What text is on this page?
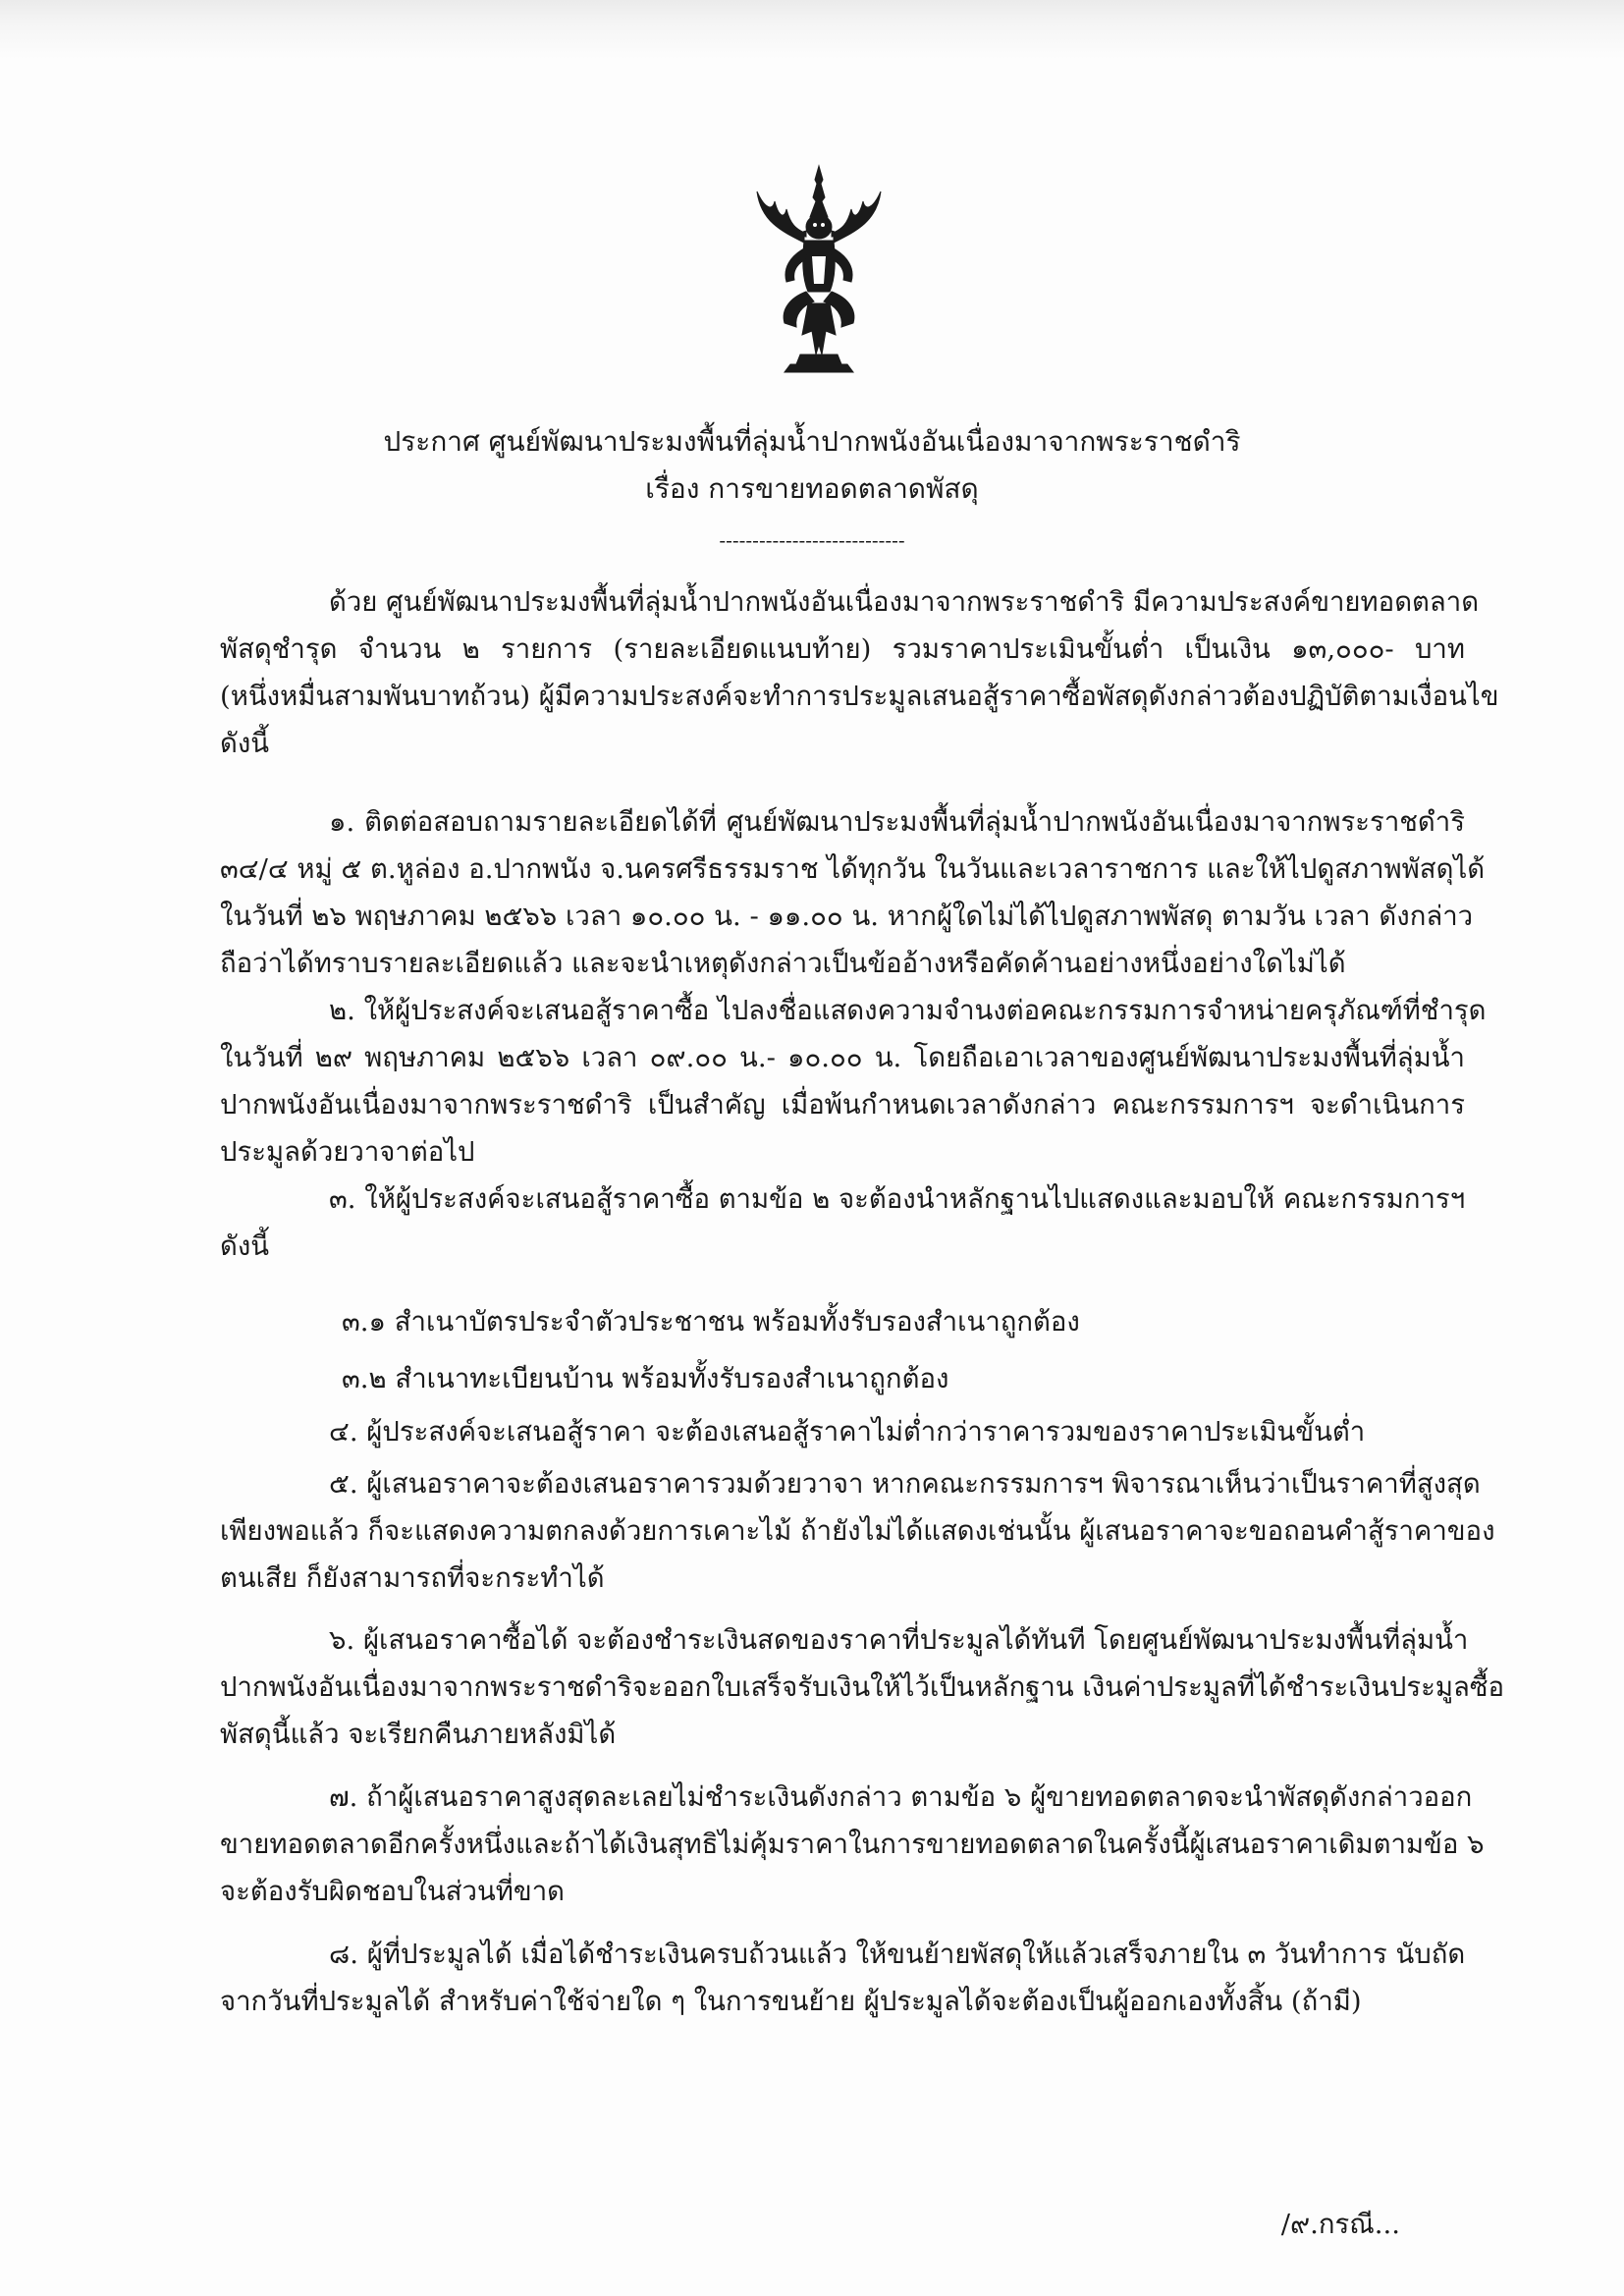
ประกาศ ศูนย์พัฒนาประมงพื้นที่ลุ่มน้ำปากพนังอันเนื่องมาจากพระราชดำริ
เรื่อง การขายทอดตลาดพัสดุ
----------------------------
ด้วย ศูนย์พัฒนาประมงพื้นที่ลุ่มน้ำปากพนังอันเนื่องมาจากพระราชดำริ มีความประสงค์ขายทอดตลาด
พัสดุชำรุด จำนวน ๒ รายการ (รายละเอียดแนบท้าย) รวมราคาประเมินขั้นต่ำ เป็นเงิน ๑๓,๐๐๐- บาท
(หนึ่งหมื่นสามพันบาทถ้วน) ผู้มีความประสงค์จะทำการประมูลเสนอสู้ราคาซื้อพัสดุดังกล่าวต้องปฏิบัติตามเงื่อนไข
ดังนี้
๑. ติดต่อสอบถามรายละเอียดได้ที่ ศูนย์พัฒนาประมงพื้นที่ลุ่มน้ำปากพนังอันเนื่องมาจากพระราชดำริ
๓๔/๔ หมู่ ๕ ต.หูล่อง อ.ปากพนัง จ.นครศรีธรรมราช ได้ทุกวัน ในวันและเวลาราชการ และให้ไปดูสภาพพัสดุได้
ในวันที่ ๒๖ พฤษภาคม ๒๕๖๖ เวลา ๑๐.๐๐ น. - ๑๑.๐๐ น. หากผู้ใดไม่ได้ไปดูสภาพพัสดุ ตามวัน เวลา ดังกล่าว
ถือว่าได้ทราบรายละเอียดแล้ว และจะนำเหตุดังกล่าวเป็นข้ออ้างหรือคัดค้านอย่างหนึ่งอย่างใดไม่ได้
๒. ให้ผู้ประสงค์จะเสนอสู้ราคาซื้อ ไปลงชื่อแสดงความจำนงต่อคณะกรรมการจำหน่ายครุภัณฑ์ที่ชำรุด
ในวันที่ ๒๙ พฤษภาคม ๒๕๖๖ เวลา ๐๙.๐๐ น.- ๑๐.๐๐ น. โดยถือเอาเวลาของศูนย์พัฒนาประมงพื้นที่ลุ่มน้ำ
ปากพนังอันเนื่องมาจากพระราชดำริ เป็นสำคัญ เมื่อพ้นกำหนดเวลาดังกล่าว คณะกรรมการฯ จะดำเนินการ
ประมูลด้วยวาจาต่อไป
๓. ให้ผู้ประสงค์จะเสนอสู้ราคาซื้อ ตามข้อ ๒ จะต้องนำหลักฐานไปแสดงและมอบให้ คณะกรรมการฯ
ดังนี้
๓.๑ สำเนาบัตรประจำตัวประชาชน พร้อมทั้งรับรองสำเนาถูกต้อง
๓.๒ สำเนาทะเบียนบ้าน พร้อมทั้งรับรองสำเนาถูกต้อง
๔. ผู้ประสงค์จะเสนอสู้ราคา จะต้องเสนอสู้ราคาไม่ต่ำกว่าราคารวมของราคาประเมินขั้นต่ำ
๕. ผู้เสนอราคาจะต้องเสนอราคารวมด้วยวาจา หากคณะกรรมการฯ พิจารณาเห็นว่าเป็นราคาที่สูงสุด
เพียงพอแล้ว ก็จะแสดงความตกลงด้วยการเคาะไม้ ถ้ายังไม่ได้แสดงเช่นนั้น ผู้เสนอราคาจะขอถอนคำสู้ราคาของ
ตนเสีย ก็ยังสามารถที่จะกระทำได้
๖. ผู้เสนอราคาซื้อได้ จะต้องชำระเงินสดของราคาที่ประมูลได้ทันที โดยศูนย์พัฒนาประมงพื้นที่ลุ่มน้ำ
ปากพนังอันเนื่องมาจากพระราชดำริจะออกใบเสร็จรับเงินให้ไว้เป็นหลักฐาน เงินค่าประมูลที่ได้ชำระเงินประมูลซื้อ
พัสดุนี้แล้ว จะเรียกคืนภายหลังมิได้
๗. ถ้าผู้เสนอราคาสูงสุดละเลยไม่ชำระเงินดังกล่าว ตามข้อ ๖ ผู้ขายทอดตลาดจะนำพัสดุดังกล่าวออก
ขายทอดตลาดอีกครั้งหนึ่งและถ้าได้เงินสุทธิไม่คุ้มราคาในการขายทอดตลาดในครั้งนี้ผู้เสนอราคาเดิมตามข้อ ๖
จะต้องรับผิดชอบในส่วนที่ขาด
๘. ผู้ที่ประมูลได้ เมื่อได้ชำระเงินครบถ้วนแล้ว ให้ขนย้ายพัสดุให้แล้วเสร็จภายใน ๓ วันทำการ นับถัด
จากวันที่ประมูลได้ สำหรับค่าใช้จ่ายใด ๆ ในการขนย้าย ผู้ประมูลได้จะต้องเป็นผู้ออกเองทั้งสิ้น (ถ้ามี)
/๙.กรณี...
